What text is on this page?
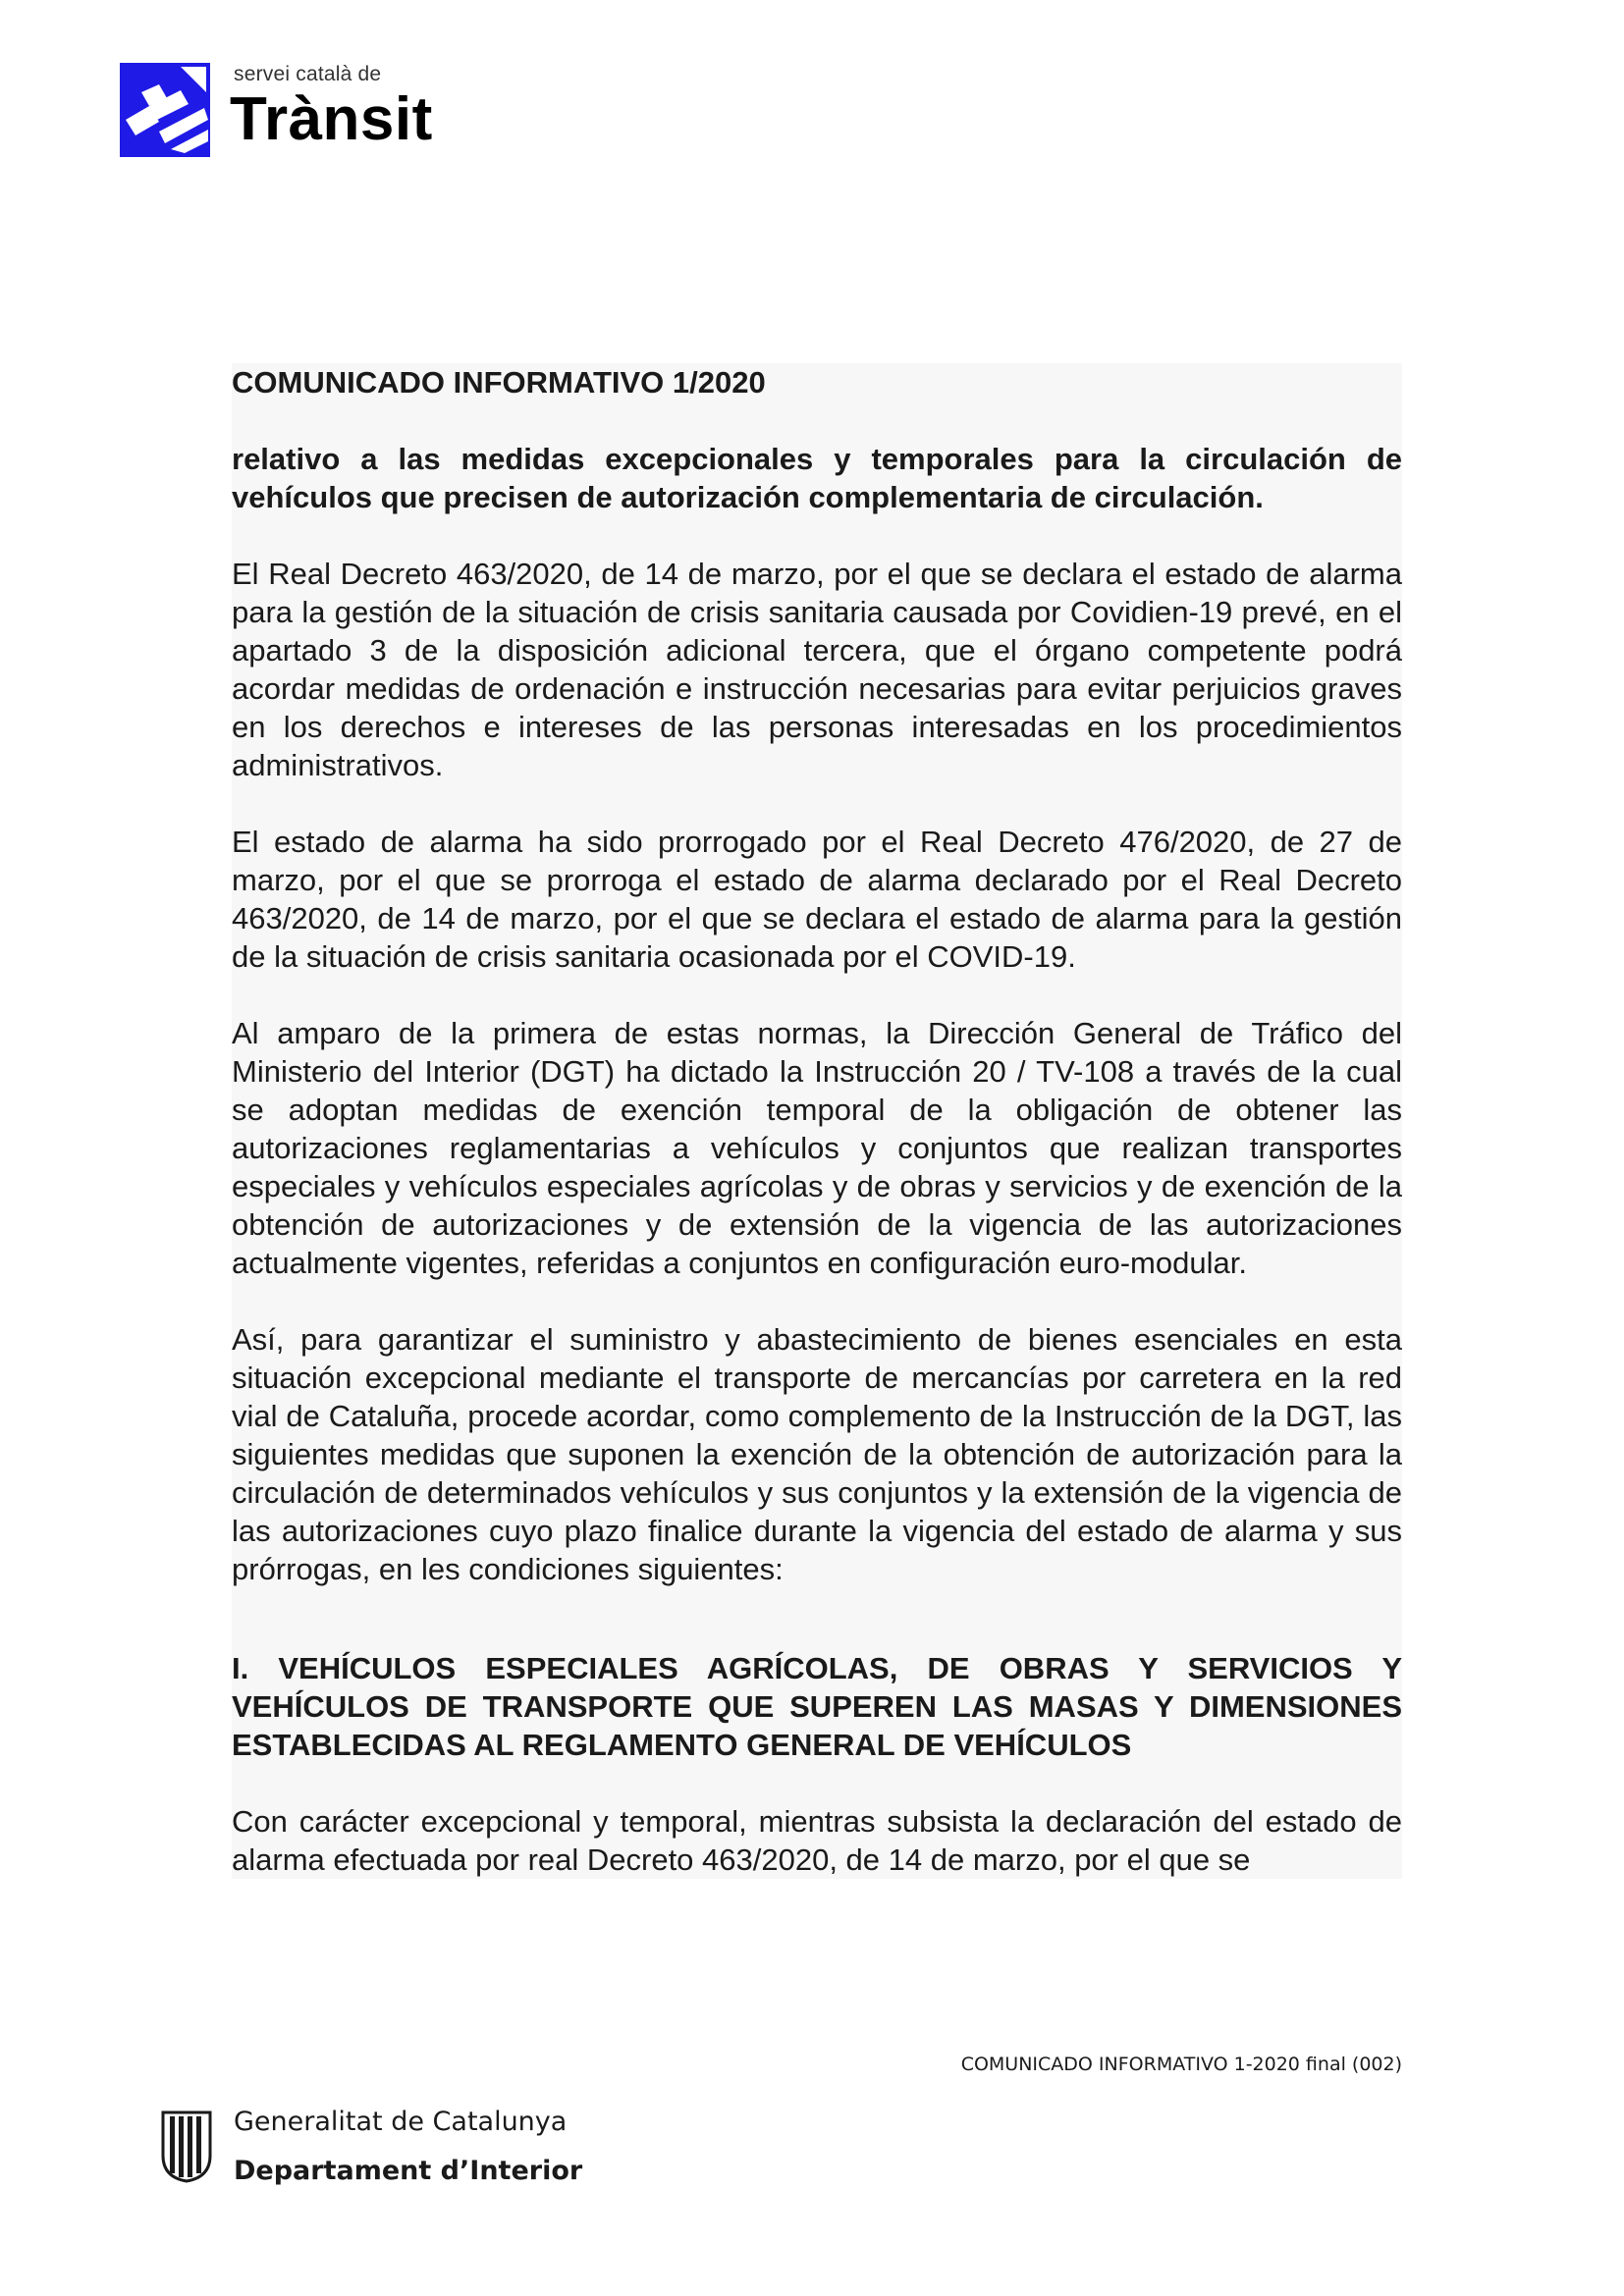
servei català de
Trànsit

COMUNICADO INFORMATIVO 1/2020

relativo a las medidas excepcionales y temporales para la circulación de vehículos que precisen de autorización complementaria de circulación.

El Real Decreto 463/2020, de 14 de marzo, por el que se declara el estado de alarma para la gestión de la situación de crisis sanitaria causada por Covidien-19 prevé, en el apartado 3 de la disposición adicional tercera, que el órgano competente podrá acordar medidas de ordenación e instrucción necesarias para evitar perjuicios graves en los derechos e intereses de las personas interesadas en los procedimientos administrativos.

El estado de alarma ha sido prorrogado por el Real Decreto 476/2020, de 27 de marzo, por el que se prorroga el estado de alarma declarado por el Real Decreto 463/2020, de 14 de marzo, por el que se declara el estado de alarma para la gestión de la situación de crisis sanitaria ocasionada por el COVID-19.

Al amparo de la primera de estas normas, la Dirección General de Tráfico del Ministerio del Interior (DGT) ha dictado la Instrucción 20 / TV-108 a través de la cual se adoptan medidas de exención temporal de la obligación de obtener las autorizaciones reglamentarias a vehículos y conjuntos que realizan transportes especiales y vehículos especiales agrícolas y de obras y servicios y de exención de la obtención de autorizaciones y de extensión de la vigencia de las autorizaciones actualmente vigentes, referidas a conjuntos en configuración euro-modular.

Así, para garantizar el suministro y abastecimiento de bienes esenciales en esta situación excepcional mediante el transporte de mercancías por carretera en la red vial de Cataluña, procede acordar, como complemento de la Instrucción de la DGT, las siguientes medidas que suponen la exención de la obtención de autorización para la circulación de determinados vehículos y sus conjuntos y la extensión de la vigencia de las autorizaciones cuyo plazo finalice durante la vigencia del estado de alarma y sus prórrogas, en les condiciones siguientes:

I. VEHÍCULOS ESPECIALES AGRÍCOLAS, DE OBRAS Y SERVICIOS Y VEHÍCULOS DE TRANSPORTE QUE SUPEREN LAS MASAS Y DIMENSIONES ESTABLECIDAS AL REGLAMENTO GENERAL DE VEHÍCULOS

Con carácter excepcional y temporal, mientras subsista la declaración del estado de alarma efectuada por real Decreto 463/2020, de 14 de marzo, por el que se

COMUNICADO INFORMATIVO 1-2020 final (002)
Generalitat de Catalunya
Departament d’Interior
